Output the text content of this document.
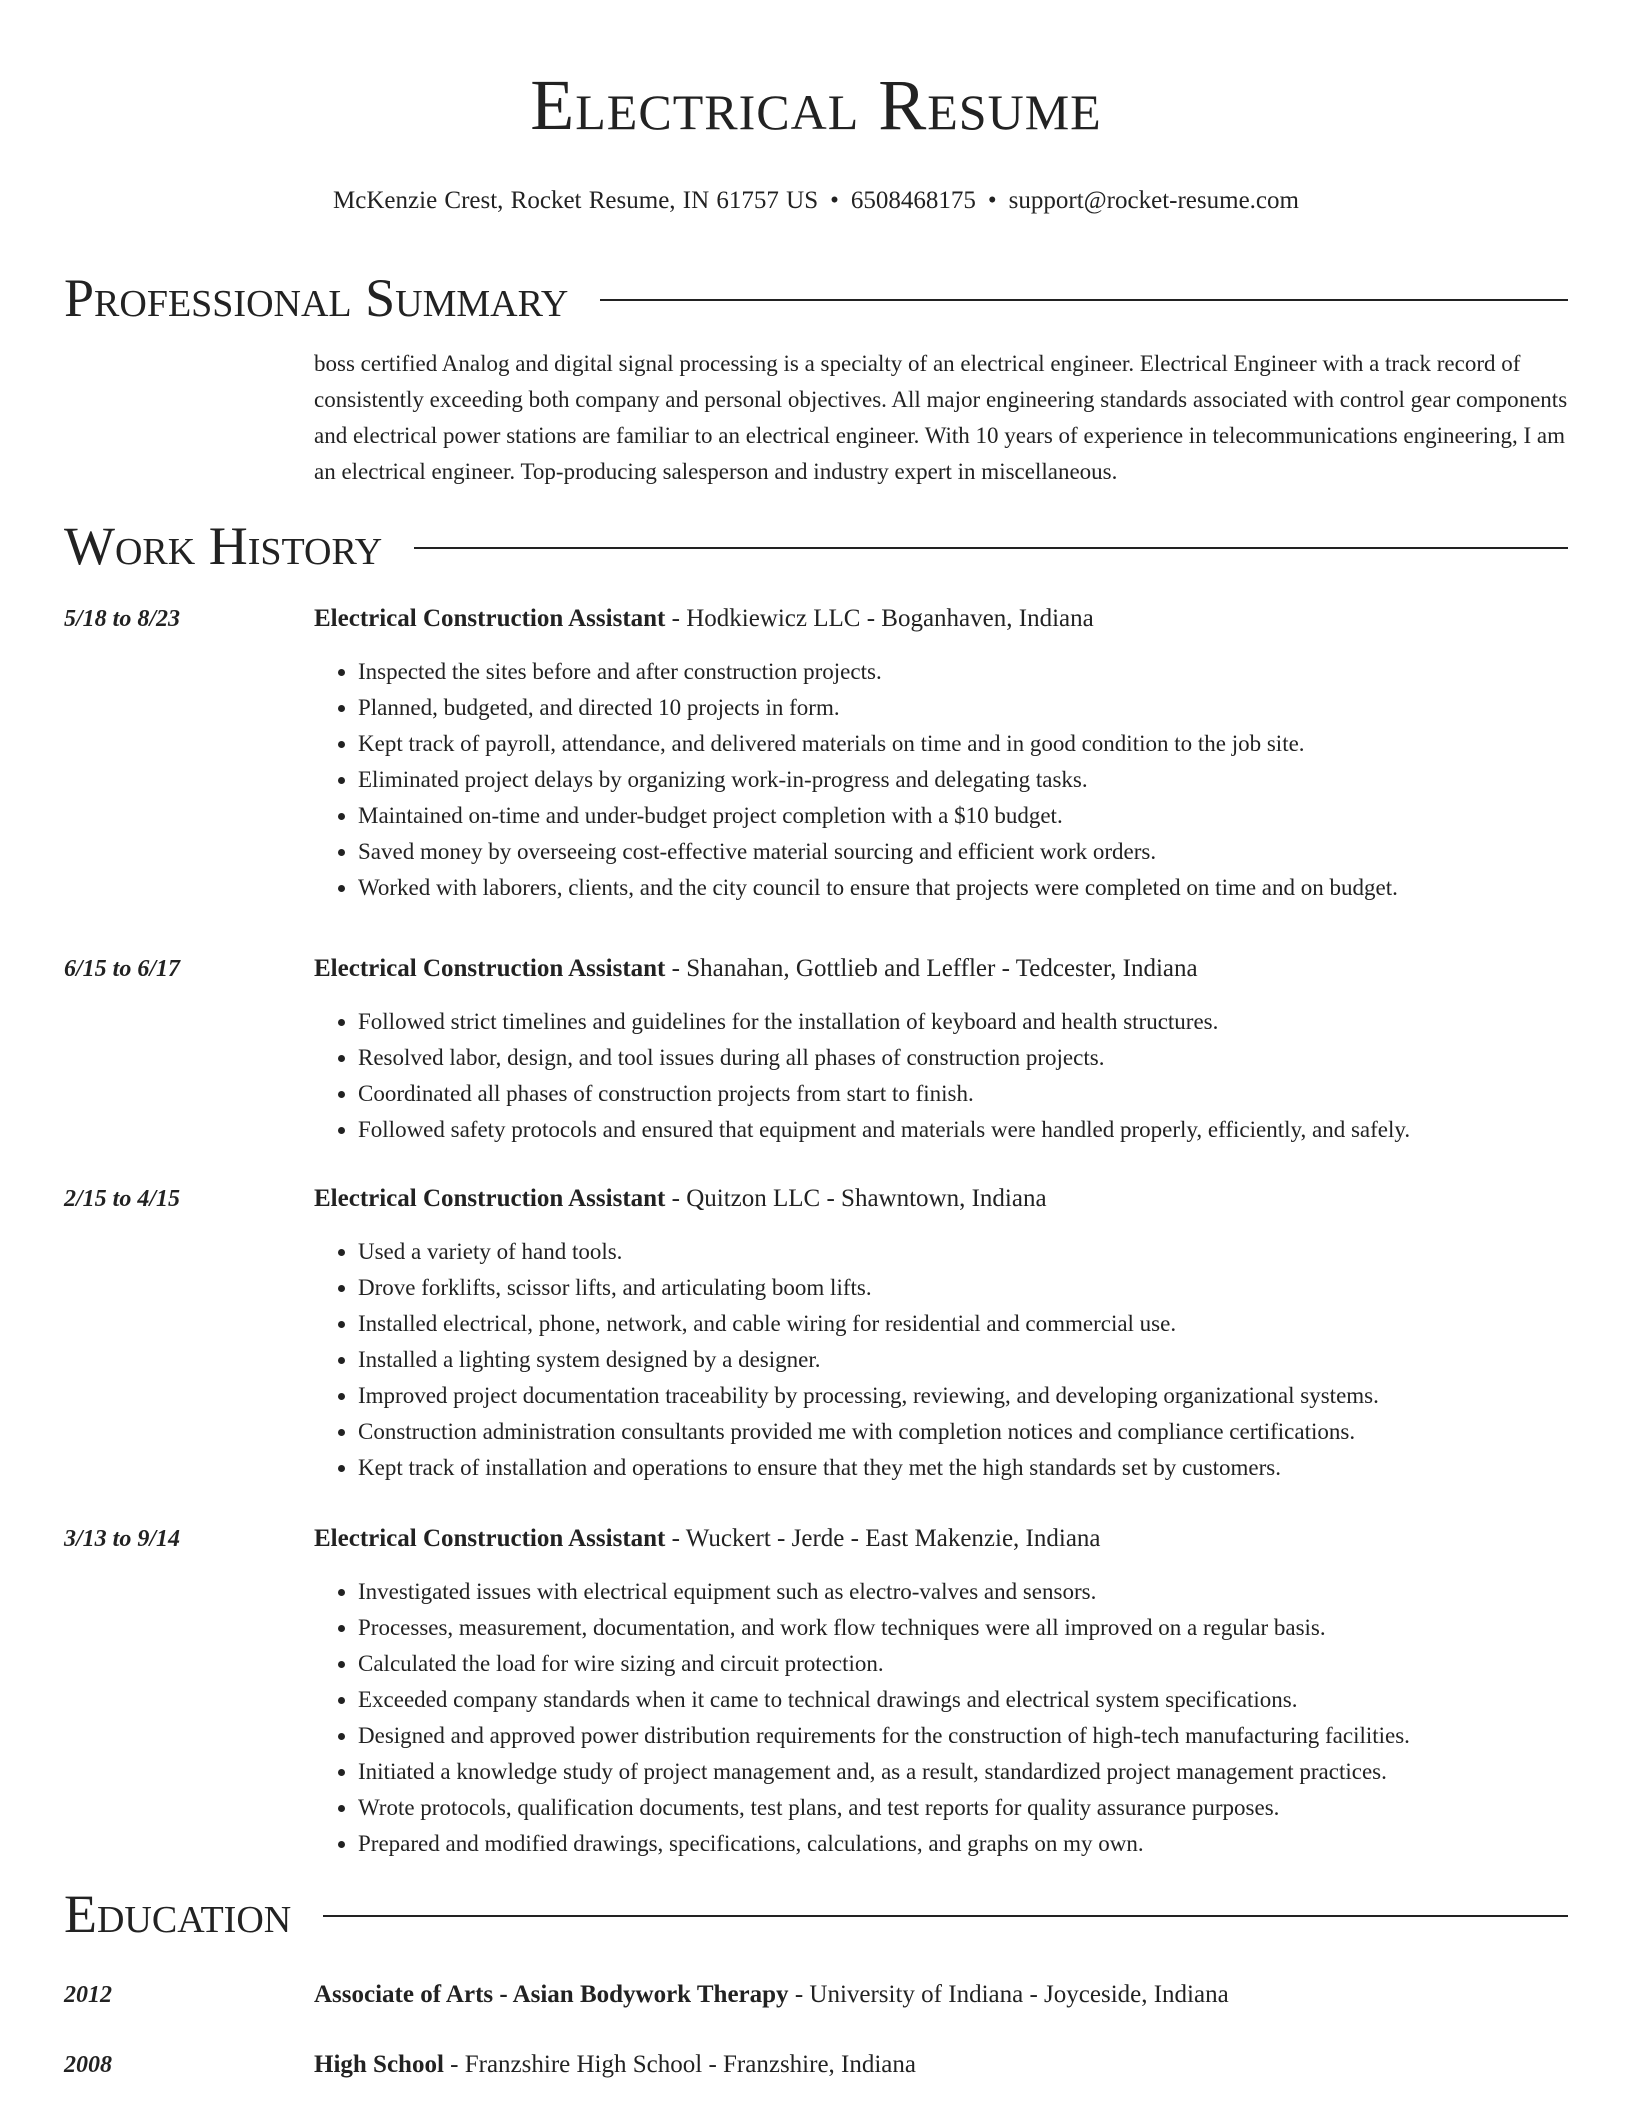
Electrical Resume
McKenzie Crest, Rocket Resume, IN 61757 US • 6508468175 • support@rocket-resume.com
Professional Summary
boss certified Analog and digital signal processing is a specialty of an electrical engineer. Electrical Engineer with a track record of consistently exceeding both company and personal objectives. All major engineering standards associated with control gear components and electrical power stations are familiar to an electrical engineer. With 10 years of experience in telecommunications engineering, I am an electrical engineer. Top-producing salesperson and industry expert in miscellaneous.
Work History
5/18 to 8/23	Electrical Construction Assistant - Hodkiewicz LLC - Boganhaven, Indiana
• Inspected the sites before and after construction projects.
• Planned, budgeted, and directed 10 projects in form.
• Kept track of payroll, attendance, and delivered materials on time and in good condition to the job site.
• Eliminated project delays by organizing work-in-progress and delegating tasks.
• Maintained on-time and under-budget project completion with a $10 budget.
• Saved money by overseeing cost-effective material sourcing and efficient work orders.
• Worked with laborers, clients, and the city council to ensure that projects were completed on time and on budget.
6/15 to 6/17	Electrical Construction Assistant - Shanahan, Gottlieb and Leffler - Tedcester, Indiana
• Followed strict timelines and guidelines for the installation of keyboard and health structures.
• Resolved labor, design, and tool issues during all phases of construction projects.
• Coordinated all phases of construction projects from start to finish.
• Followed safety protocols and ensured that equipment and materials were handled properly, efficiently, and safely.
2/15 to 4/15	Electrical Construction Assistant - Quitzon LLC - Shawntown, Indiana
• Used a variety of hand tools.
• Drove forklifts, scissor lifts, and articulating boom lifts.
• Installed electrical, phone, network, and cable wiring for residential and commercial use.
• Installed a lighting system designed by a designer.
• Improved project documentation traceability by processing, reviewing, and developing organizational systems.
• Construction administration consultants provided me with completion notices and compliance certifications.
• Kept track of installation and operations to ensure that they met the high standards set by customers.
3/13 to 9/14	Electrical Construction Assistant - Wuckert - Jerde - East Makenzie, Indiana
• Investigated issues with electrical equipment such as electro-valves and sensors.
• Processes, measurement, documentation, and work flow techniques were all improved on a regular basis.
• Calculated the load for wire sizing and circuit protection.
• Exceeded company standards when it came to technical drawings and electrical system specifications.
• Designed and approved power distribution requirements for the construction of high-tech manufacturing facilities.
• Initiated a knowledge study of project management and, as a result, standardized project management practices.
• Wrote protocols, qualification documents, test plans, and test reports for quality assurance purposes.
• Prepared and modified drawings, specifications, calculations, and graphs on my own.
Education
2012	Associate of Arts - Asian Bodywork Therapy - University of Indiana - Joyceside, Indiana
2008	High School - Franzshire High School - Franzshire, Indiana
